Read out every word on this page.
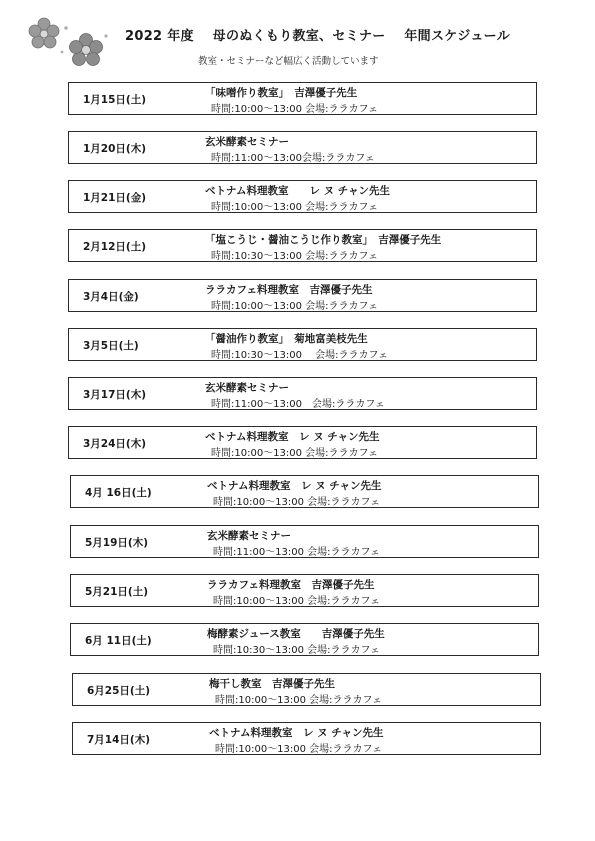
2022 年度 母のぬくもり教室、セミナー 年間スケジュール
教室・セミナーなど幅広く活動しています
1月15日(土)
「味噌作り教室」　吉澤優子先生
時間:10:00〜13:00 会場:ララカフェ
1月20日(木)
玄米酵素セミナー
時間:11:00〜13:00会場:ララカフェ
1月21日(金)
ベトナム料理教室　　レ ヌ チャン先生
時間:10:00〜13:00 会場:ララカフェ
2月12日(土)
「塩こうじ・醤油こうじ作り教室」　吉澤優子先生
時間:10:30〜13:00 会場:ララカフェ
3月4日(金)
ララカフェ料理教室　吉澤優子先生
時間:10:00〜13:00 会場:ララカフェ
3月5日(土)
「醤油作り教室」　菊地富美枝先生
時間:10:30〜13:00　 会場:ララカフェ
3月17日(木)
玄米酵素セミナー
時間:11:00〜13:00　会場:ララカフェ
3月24日(木)
ベトナム料理教室　レ ヌ チャン先生
時間:10:00〜13:00 会場:ララカフェ
4月 16日(土)
ベトナム料理教室　レ ヌ チャン先生
時間:10:00〜13:00 会場:ララカフェ
5月19日(木)
玄米酵素セミナー
時間:11:00〜13:00 会場:ララカフェ
5月21日(土)
ララカフェ料理教室　吉澤優子先生
時間:10:00〜13:00 会場:ララカフェ
6月 11日(土)
梅酵素ジュース教室　　吉澤優子先生
時間:10:30〜13:00 会場:ララカフェ
6月25日(土)
梅干し教室　吉澤優子先生
時間:10:00〜13:00 会場:ララカフェ
7月14日(木)
ベトナム料理教室　レ ヌ チャン先生
時間:10:00〜13:00 会場:ララカフェ
